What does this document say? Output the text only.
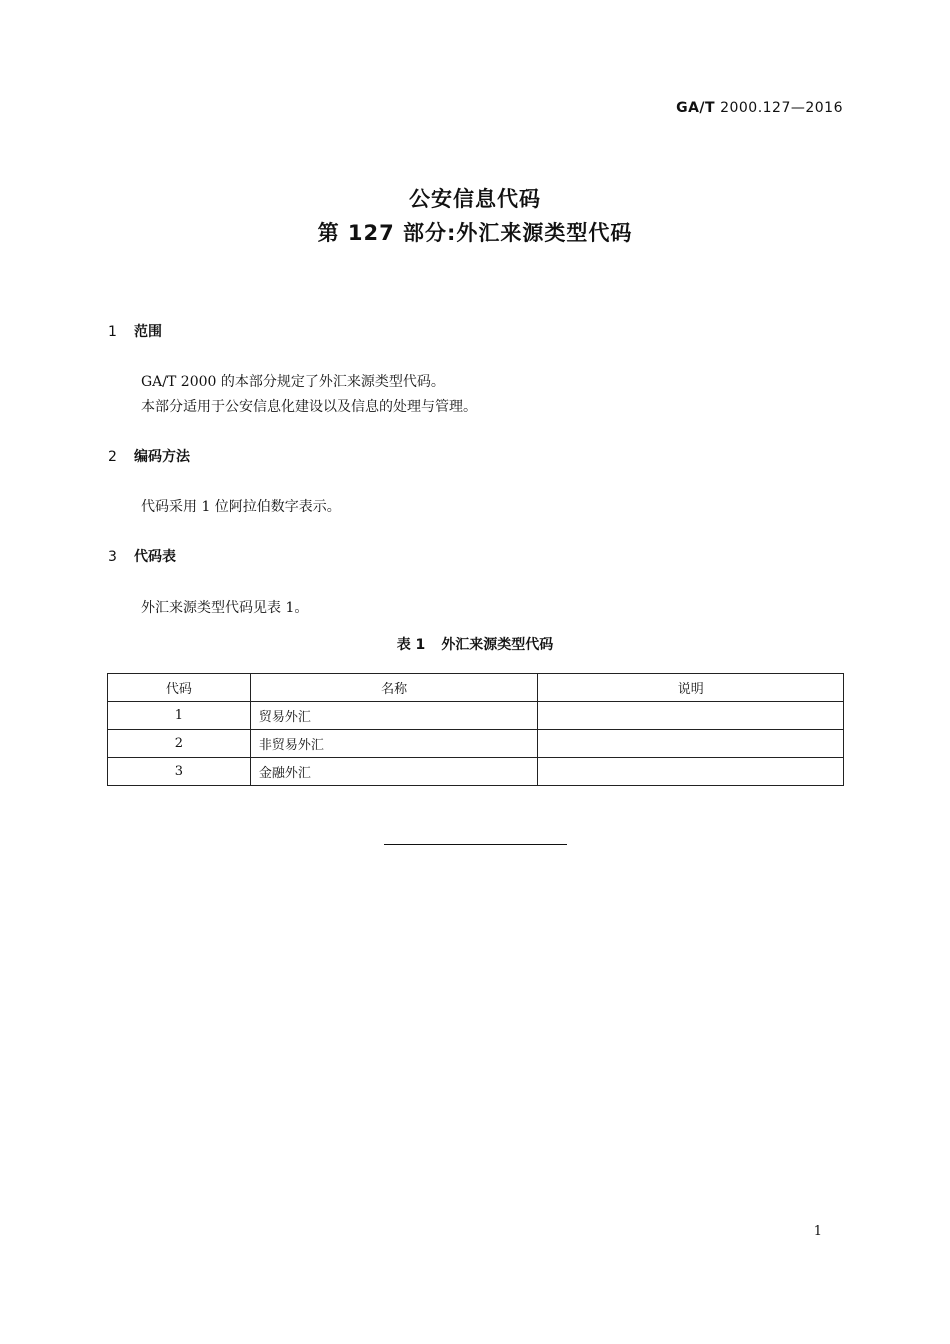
GA/T 2000.127—2016
公安信息代码
第 127 部分:外汇来源类型代码
1 范围
GA/T 2000 的本部分规定了外汇来源类型代码。
本部分适用于公安信息化建设以及信息的处理与管理。
2 编码方法
代码采用 1 位阿拉伯数字表示。
3 代码表
外汇来源类型代码见表 1。
表 1 外汇来源类型代码
代码	名称	说明
1	贸易外汇	
2	非贸易外汇	
3	金融外汇	
1
